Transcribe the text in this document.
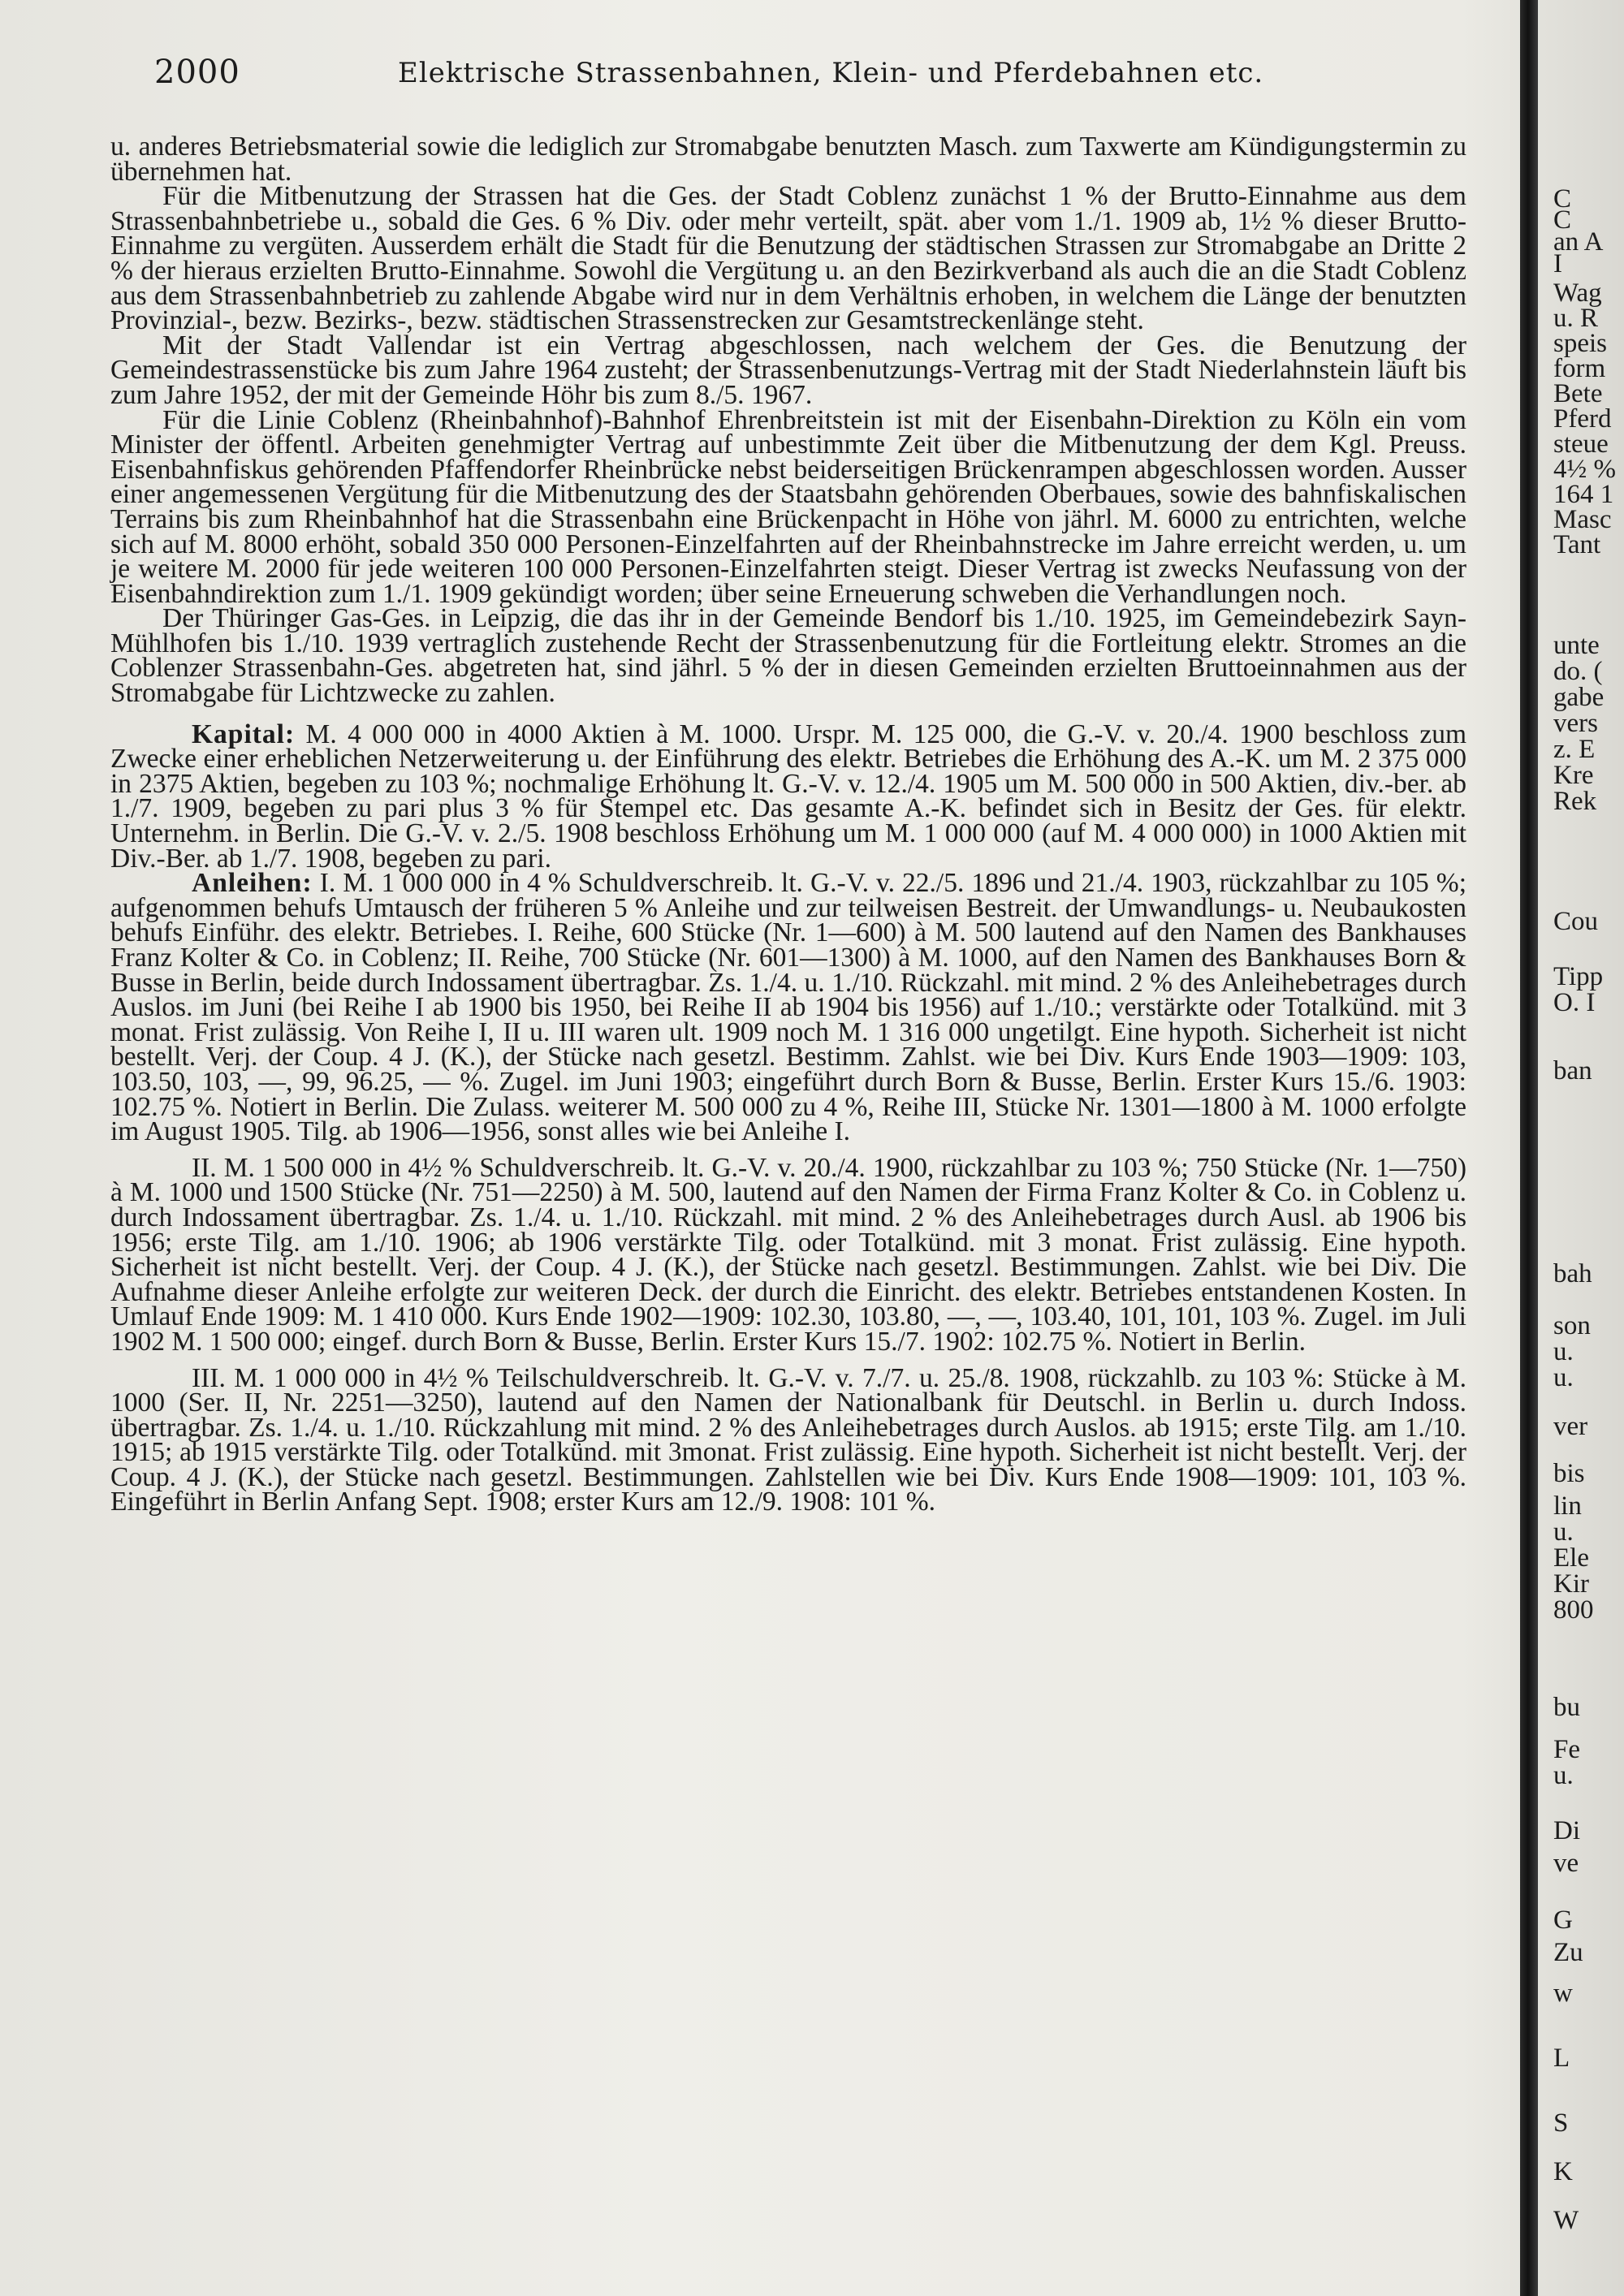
2000	Elektrische Strassenbahnen, Klein- und Pferdebahnen etc.

u. anderes Betriebsmaterial sowie die lediglich zur Stromabgabe benutzten Masch. zum Taxwerte am Kündigungstermin zu übernehmen hat.

Für die Mitbenutzung der Strassen hat die Ges. der Stadt Coblenz zunächst 1 % der Brutto-Einnahme aus dem Strassenbahnbetriebe u., sobald die Ges. 6 % Div. oder mehr verteilt, spät. aber vom 1./1. 1909 ab, 1½ % dieser Brutto-Einnahme zu vergüten. Ausserdem erhält die Stadt für die Benutzung der städtischen Strassen zur Stromabgabe an Dritte 2 % der hieraus erzielten Brutto-Einnahme. Sowohl die Vergütung u. an den Bezirkverband als auch die an die Stadt Coblenz aus dem Strassenbahnbetrieb zu zahlende Abgabe wird nur in dem Verhältnis erhoben, in welchem die Länge der benutzten Provinzial-, bezw. Bezirks-, bezw. städtischen Strassenstrecken zur Gesamtstreckenlänge steht.

Mit der Stadt Vallendar ist ein Vertrag abgeschlossen, nach welchem der Ges. die Benutzung der Gemeindestrassenstücke bis zum Jahre 1964 zusteht; der Strassenbenutzungs-Vertrag mit der Stadt Niederlahnstein läuft bis zum Jahre 1952, der mit der Gemeinde Höhr bis zum 8./5. 1967.

Für die Linie Coblenz (Rheinbahnhof)-Bahnhof Ehrenbreitstein ist mit der Eisenbahn-Direktion zu Köln ein vom Minister der öffentl. Arbeiten genehmigter Vertrag auf unbestimmte Zeit über die Mitbenutzung der dem Kgl. Preuss. Eisenbahnfiskus gehörenden Pfaffendorfer Rheinbrücke nebst beiderseitigen Brückenrampen abgeschlossen worden. Ausser einer angemessenen Vergütung für die Mitbenutzung des der Staatsbahn gehörenden Oberbaues, sowie des bahnfiskalischen Terrains bis zum Rheinbahnhof hat die Strassenbahn eine Brückenpacht in Höhe von jährl. M. 6000 zu entrichten, welche sich auf M. 8000 erhöht, sobald 350 000 Personen-Einzelfahrten auf der Rheinbahnstrecke im Jahre erreicht werden, u. um je weitere M. 2000 für jede weiteren 100 000 Personen-Einzelfahrten steigt. Dieser Vertrag ist zwecks Neufassung von der Eisenbahndirektion zum 1./1. 1909 gekündigt worden; über seine Erneuerung schweben die Verhandlungen noch.

Der Thüringer Gas-Ges. in Leipzig, die das ihr in der Gemeinde Bendorf bis 1./10. 1925, im Gemeindebezirk Sayn-Mühlhofen bis 1./10. 1939 vertraglich zustehende Recht der Strassenbenutzung für die Fortleitung elektr. Stromes an die Coblenzer Strassenbahn-Ges. abgetreten hat, sind jährl. 5 % der in diesen Gemeinden erzielten Bruttoeinnahmen aus der Stromabgabe für Lichtzwecke zu zahlen.

Kapital: M. 4 000 000 in 4000 Aktien à M. 1000. Urspr. M. 125 000, die G.-V. v. 20./4. 1900 beschloss zum Zwecke einer erheblichen Netzerweiterung u. der Einführung des elektr. Betriebes die Erhöhung des A.-K. um M. 2 375 000 in 2375 Aktien, begeben zu 103 %; nochmalige Erhöhung lt. G.-V. v. 12./4. 1905 um M. 500 000 in 500 Aktien, div.-ber. ab 1./7. 1909, begeben zu pari plus 3 % für Stempel etc. Das gesamte A.-K. befindet sich in Besitz der Ges. für elektr. Unternehm. in Berlin. Die G.-V. v. 2./5. 1908 beschloss Erhöhung um M. 1 000 000 (auf M. 4 000 000) in 1000 Aktien mit Div.-Ber. ab 1./7. 1908, begeben zu pari.

Anleihen: I. M. 1 000 000 in 4 % Schuldverschreib. lt. G.-V. v. 22./5. 1896 und 21./4. 1903, rückzahlbar zu 105 %; aufgenommen behufs Umtausch der früheren 5 % Anleihe und zur teilweisen Bestreit. der Umwandlungs- u. Neubaukosten behufs Einführ. des elektr. Betriebes. I. Reihe, 600 Stücke (Nr. 1—600) à M. 500 lautend auf den Namen des Bankhauses Franz Kolter & Co. in Coblenz; II. Reihe, 700 Stücke (Nr. 601—1300) à M. 1000, auf den Namen des Bankhauses Born & Busse in Berlin, beide durch Indossament übertragbar. Zs. 1./4. u. 1./10. Rückzahl. mit mind. 2 % des Anleihebetrages durch Auslos. im Juni (bei Reihe I ab 1900 bis 1950, bei Reihe II ab 1904 bis 1956) auf 1./10.; verstärkte oder Totalkünd. mit 3 monat. Frist zulässig. Von Reihe I, II u. III waren ult. 1909 noch M. 1 316 000 ungetilgt. Eine hypoth. Sicherheit ist nicht bestellt. Verj. der Coup. 4 J. (K.), der Stücke nach gesetzl. Bestimm. Zahlst. wie bei Div. Kurs Ende 1903—1909: 103, 103.50, 103, —, 99, 96.25, — %. Zugel. im Juni 1903; eingeführt durch Born & Busse, Berlin. Erster Kurs 15./6. 1903: 102.75 %. Notiert in Berlin. Die Zulass. weiterer M. 500 000 zu 4 %, Reihe III, Stücke Nr. 1301—1800 à M. 1000 erfolgte im August 1905. Tilg. ab 1906—1956, sonst alles wie bei Anleihe I.

II. M. 1 500 000 in 4½ % Schuldverschreib. lt. G.-V. v. 20./4. 1900, rückzahlbar zu 103 %; 750 Stücke (Nr. 1—750) à M. 1000 und 1500 Stücke (Nr. 751—2250) à M. 500, lautend auf den Namen der Firma Franz Kolter & Co. in Coblenz u. durch Indossament übertragbar. Zs. 1./4. u. 1./10. Rückzahl. mit mind. 2 % des Anleihebetrages durch Ausl. ab 1906 bis 1956; erste Tilg. am 1./10. 1906; ab 1906 verstärkte Tilg. oder Totalkünd. mit 3 monat. Frist zulässig. Eine hypoth. Sicherheit ist nicht bestellt. Verj. der Coup. 4 J. (K.), der Stücke nach gesetzl. Bestimmungen. Zahlst. wie bei Div. Die Aufnahme dieser Anleihe erfolgte zur weiteren Deck. der durch die Einricht. des elektr. Betriebes entstandenen Kosten. In Umlauf Ende 1909: M. 1 410 000. Kurs Ende 1902—1909: 102.30, 103.80, —, —, 103.40, 101, 101, 103 %. Zugel. im Juli 1902 M. 1 500 000; eingef. durch Born & Busse, Berlin. Erster Kurs 15./7. 1902: 102.75 %. Notiert in Berlin.

III. M. 1 000 000 in 4½ % Teilschuldverschreib. lt. G.-V. v. 7./7. u. 25./8. 1908, rückzahlb. zu 103 %: Stücke à M. 1000 (Ser. II, Nr. 2251—3250), lautend auf den Namen der Nationalbank für Deutschl. in Berlin u. durch Indoss. übertragbar. Zs. 1./4. u. 1./10. Rückzahlung mit mind. 2 % des Anleihebetrages durch Auslos. ab 1915; erste Tilg. am 1./10. 1915; ab 1915 verstärkte Tilg. oder Totalkünd. mit 3monat. Frist zulässig. Eine hypoth. Sicherheit ist nicht bestellt. Verj. der Coup. 4 J. (K.), der Stücke nach gesetzl. Bestimmungen. Zahlstellen wie bei Div. Kurs Ende 1908—1909: 101, 103 %. Eingeführt in Berlin Anfang Sept. 1908; erster Kurs am 12./9. 1908: 101 %.

C
C
an A
I
Wag
u. R
speis
form
Bete
Pferd
steue
4½ %
164 1
Masc
Tant
unte
do. (
gabe
vers
z. E
Kre
Rek
Cou
Tipp
O. I
ban
bah
son
u.
u.
ver
bis
lin
u.
Ele
Kir
800
bu
Fe
u.
Di
ve
G
Zu
w
L
S
K
W
